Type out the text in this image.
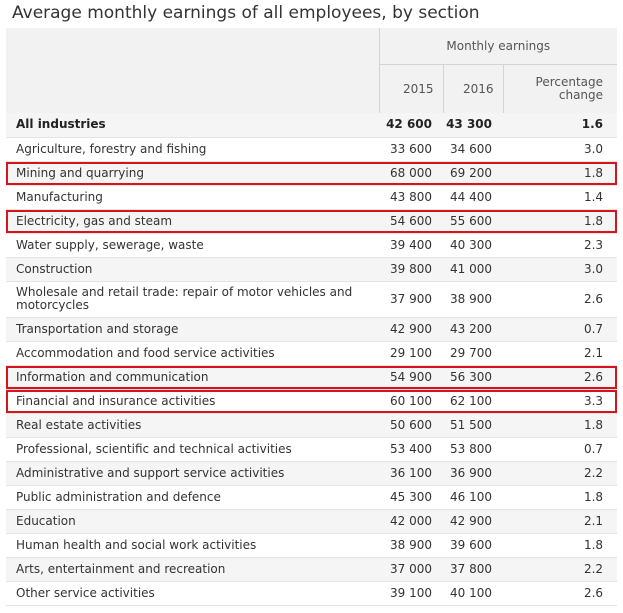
Average monthly earnings of all employees, by section
	Monthly earnings		
	2015	2016	Percentage change
All industries	42 600	43 300	1.6
Agriculture, forestry and fishing	33 600	34 600	3.0
Mining and quarrying	68 000	69 200	1.8
Manufacturing	43 800	44 400	1.4
Electricity, gas and steam	54 600	55 600	1.8
Water supply, sewerage, waste	39 400	40 300	2.3
Construction	39 800	41 000	3.0
Wholesale and retail trade: repair of motor vehicles and motorcycles	37 900	38 900	2.6
Transportation and storage	42 900	43 200	0.7
Accommodation and food service activities	29 100	29 700	2.1
Information and communication	54 900	56 300	2.6
Financial and insurance activities	60 100	62 100	3.3
Real estate activities	50 600	51 500	1.8
Professional, scientific and technical activities	53 400	53 800	0.7
Administrative and support service activities	36 100	36 900	2.2
Public administration and defence	45 300	46 100	1.8
Education	42 000	42 900	2.1
Human health and social work activities	38 900	39 600	1.8
Arts, entertainment and recreation	37 000	37 800	2.2
Other service activities	39 100	40 100	2.6
